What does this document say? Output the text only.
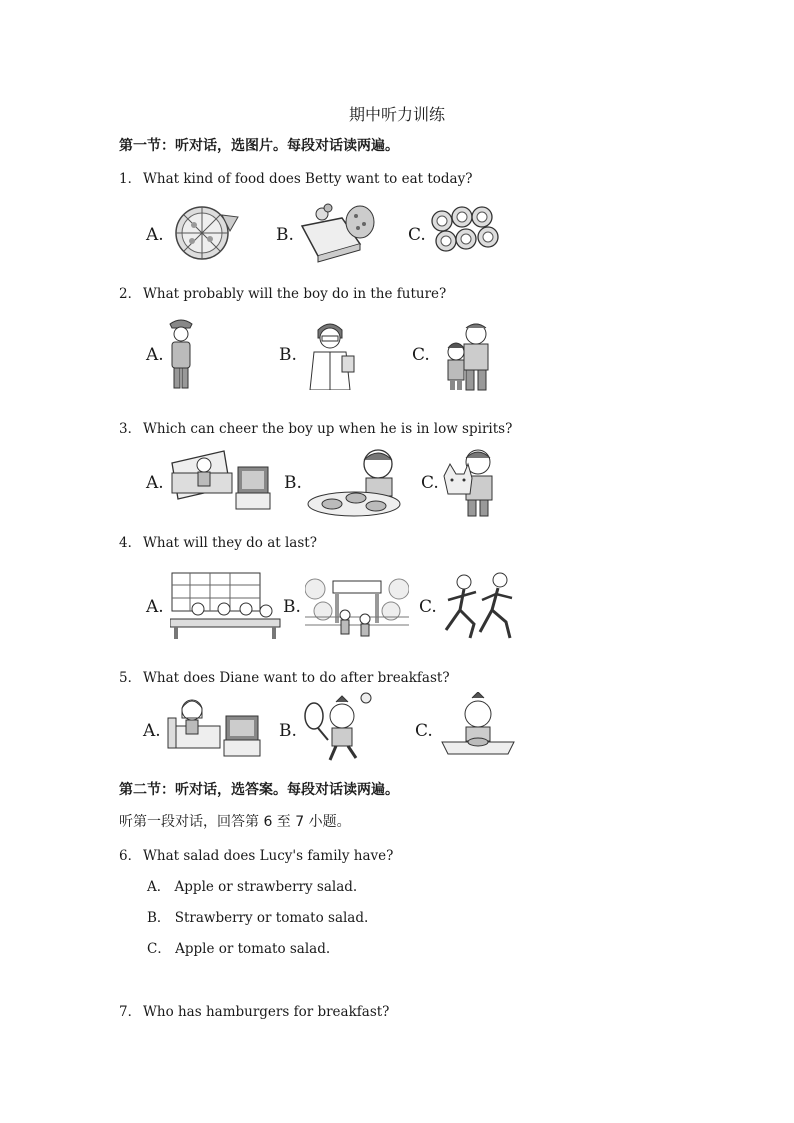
期中听力训练
第一节：听对话，选图片。每段对话读两遍。
1． What kind of food does Betty want to eat today?
A.	B.	C.
2． What probably will the boy do in the future?
A.	B.	C.
3． Which can cheer the boy up when he is in low spirits?
A.	B.	C.
4． What will they do at last?
A.	B.	C.
5． What does Diane want to do after breakfast?
A.	B.	C.
第二节：听对话，选答案。每段对话读两遍。
听第一段对话，回答第 6 至 7 小题。
6． What salad does Lucy's family have?
A． Apple or strawberry salad.
B． Strawberry or tomato salad.
C． Apple or tomato salad.
7． Who has hamburgers for breakfast?
